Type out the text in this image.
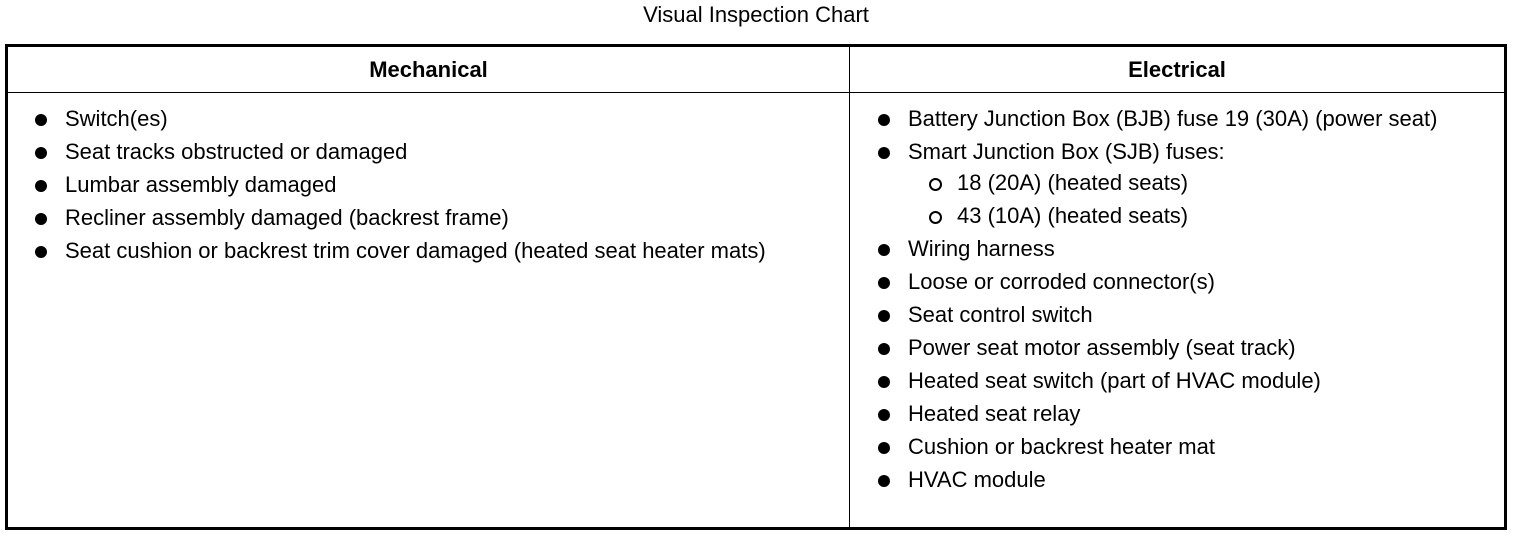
Visual Inspection Chart
Mechanical	Electrical
Switch(es)
Seat tracks obstructed or damaged
Lumbar assembly damaged
Recliner assembly damaged (backrest frame)
Seat cushion or backrest trim cover damaged (heated seat heater mats)
Battery Junction Box (BJB) fuse 19 (30A) (power seat)
Smart Junction Box (SJB) fuses:
18 (20A) (heated seats)
43 (10A) (heated seats)
Wiring harness
Loose or corroded connector(s)
Seat control switch
Power seat motor assembly (seat track)
Heated seat switch (part of HVAC module)
Heated seat relay
Cushion or backrest heater mat
HVAC module
